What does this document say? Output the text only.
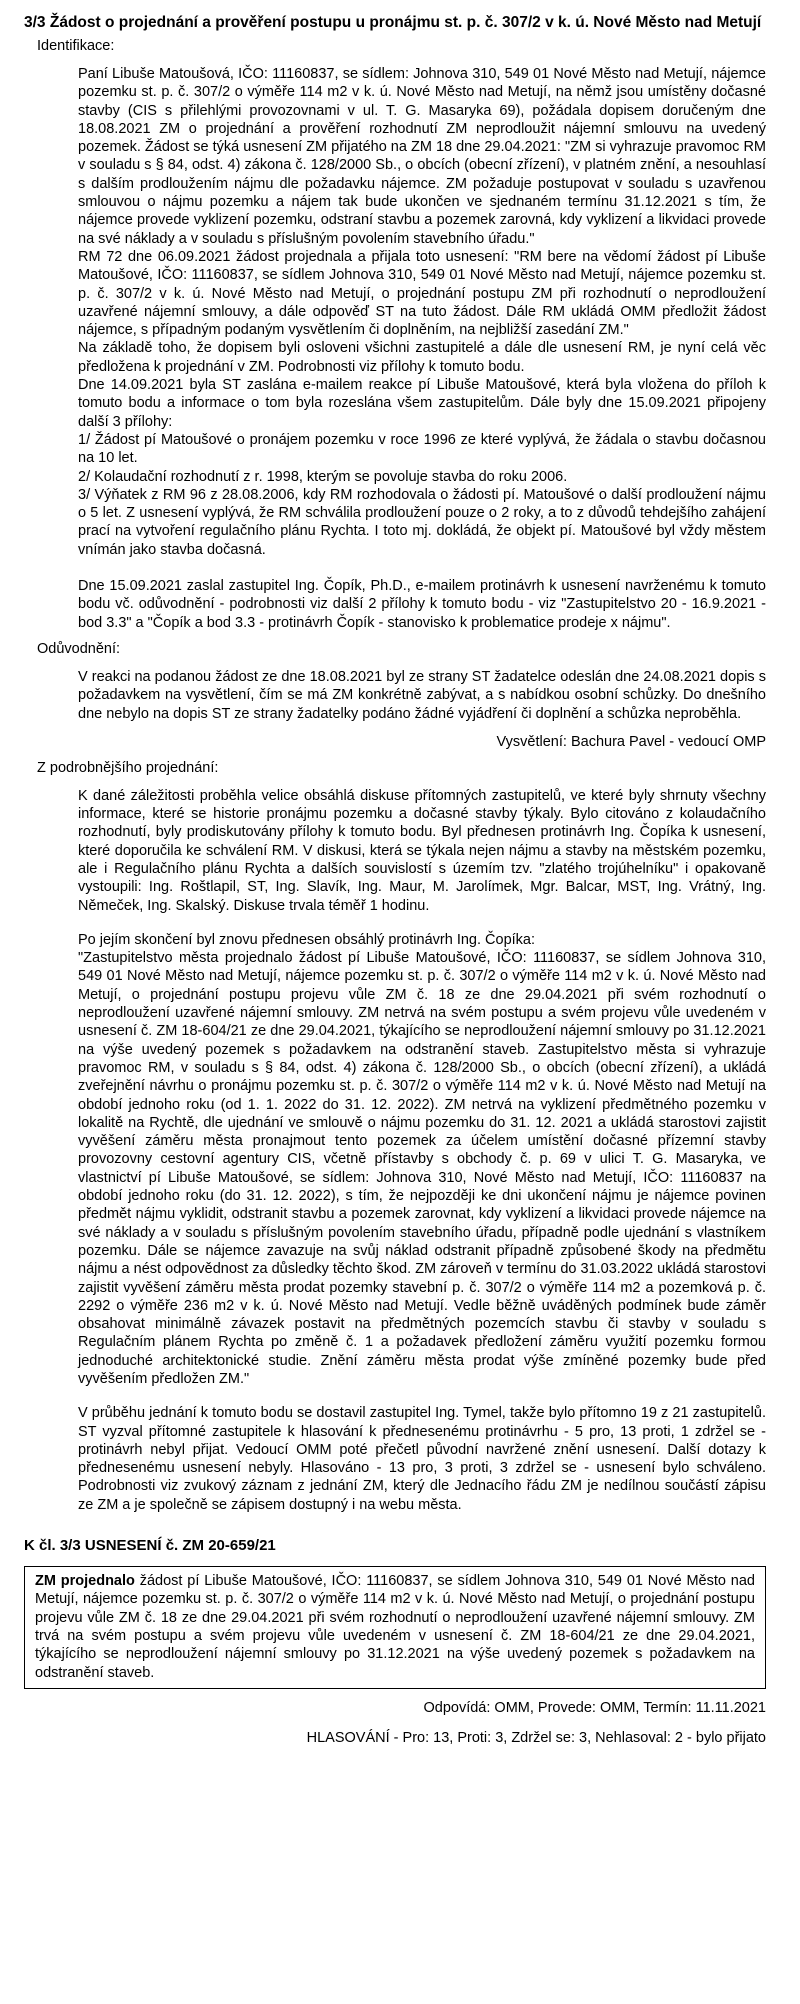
3/3 Žádost o projednání a prověření postupu u pronájmu st. p. č. 307/2 v k. ú. Nové Město nad Metují
Identifikace:

Paní Libuše Matoušová, IČO: 11160837, se sídlem: Johnova 310, 549 01 Nové Město nad Metují, nájemce pozemku st. p. č. 307/2 o výměře 114 m2 v k. ú. Nové Město nad Metují, na němž jsou umístěny dočasné stavby (CIS s přilehlými provozovnami v ul. T. G. Masaryka 69), požádala dopisem doručeným dne 18.08.2021 ZM o projednání a prověření rozhodnutí ZM neprodloužit nájemní smlouvu na uvedený pozemek. Žádost se týká usnesení ZM přijatého na ZM 18 dne 29.04.2021: "ZM si vyhrazuje pravomoc RM v souladu s § 84, odst. 4) zákona č. 128/2000 Sb., o obcích (obecní zřízení), v platném znění, a nesouhlasí s dalším prodloužením nájmu dle požadavku nájemce. ZM požaduje postupovat v souladu s uzavřenou smlouvou o nájmu pozemku a nájem tak bude ukončen ve sjednaném termínu 31.12.2021 s tím, že nájemce provede vyklizení pozemku, odstraní stavbu a pozemek zarovná, kdy vyklizení a likvidaci provede na své náklady a v souladu s příslušným povolením stavebního úřadu."

RM 72 dne 06.09.2021 žádost projednala a přijala toto usnesení: "RM bere na vědomí žádost pí Libuše Matoušové, IČO: 11160837, se sídlem Johnova 310, 549 01 Nové Město nad Metují, nájemce pozemku st. p. č. 307/2 v k. ú. Nové Město nad Metují, o projednání postupu ZM při rozhodnutí o neprodloužení uzavřené nájemní smlouvy, a dále odpověď ST na tuto žádost. Dále RM ukládá OMM předložit žádost nájemce, s případným podaným vysvětlením či doplněním, na nejbližší zasedání ZM."

Na základě toho, že dopisem byli osloveni všichni zastupitelé a dále dle usnesení RM, je nyní celá věc předložena k projednání v ZM. Podrobnosti viz přílohy k tomuto bodu.

Dne 14.09.2021 byla ST zaslána e-mailem reakce pí Libuše Matoušové, která byla vložena do příloh k tomuto bodu a informace o tom byla rozeslána všem zastupitelům. Dále byly dne 15.09.2021 připojeny další 3 přílohy:

1/ Žádost pí Matoušové o pronájem pozemku v roce 1996 ze které vyplývá, že žádala o stavbu dočasnou na 10 let.

2/ Kolaudační rozhodnutí z r. 1998, kterým se povoluje stavba do roku 2006.

3/ Výňatek z RM 96 z 28.08.2006, kdy RM rozhodovala o žádosti pí. Matoušové o další prodloužení nájmu o 5 let. Z usnesení vyplývá, že RM schválila prodloužení pouze o 2 roky, a to z důvodů tehdejšího zahájení prací na vytvoření regulačního plánu Rychta. I toto mj. dokládá, že objekt pí. Matoušové byl vždy městem vnímán jako stavba dočasná.

Dne 15.09.2021 zaslal zastupitel Ing. Čopík, Ph.D., e-mailem protinávrh k usnesení navrženému k tomuto bodu vč. odůvodnění - podrobnosti viz další 2 přílohy k tomuto bodu - viz "Zastupitelstvo 20 - 16.9.2021 - bod 3.3" a "Čopík a bod 3.3 - protinávrh Čopík - stanovisko k problematice prodeje x nájmu".

Odůvodnění:

V reakci na podanou žádost ze dne 18.08.2021 byl ze strany ST žadatelce odeslán dne 24.08.2021 dopis s požadavkem na vysvětlení, čím se má ZM konkrétně zabývat, a s nabídkou osobní schůzky. Do dnešního dne nebylo na dopis ST ze strany žadatelky podáno žádné vyjádření či doplnění a schůzka neproběhla.

Vysvětlení: Bachura Pavel - vedoucí OMP
Z podrobnějšího projednání:

K dané záležitosti proběhla velice obsáhlá diskuse přítomných zastupitelů, ve které byly shrnuty všechny informace, které se historie pronájmu pozemku a dočasné stavby týkaly. Bylo citováno z kolaudačního rozhodnutí, byly prodiskutovány přílohy k tomuto bodu. Byl přednesen protinávrh Ing. Čopíka k usnesení, které doporučila ke schválení RM. V diskusi, která se týkala nejen nájmu a stavby na městském pozemku, ale i Regulačního plánu Rychta a dalších souvislostí s územím tzv. "zlatého trojúhelníku" i opakovaně vystoupili: Ing. Roštlapil, ST, Ing. Slavík, Ing. Maur, M. Jarolímek, Mgr. Balcar, MST, Ing. Vrátný, Ing. Němeček, Ing. Skalský. Diskuse trvala téměř 1 hodinu.

Po jejím skončení byl znovu přednesen obsáhlý protinávrh Ing. Čopíka:

"Zastupitelstvo města projednalo žádost pí Libuše Matoušové, IČO: 11160837, se sídlem Johnova 310, 549 01 Nové Město nad Metují, nájemce pozemku st. p. č. 307/2 o výměře 114 m2 v k. ú. Nové Město nad Metují, o projednání postupu projevu vůle ZM č. 18 ze dne 29.04.2021 při svém rozhodnutí o neprodloužení uzavřené nájemní smlouvy. ZM netrvá na svém postupu a svém projevu vůle uvedeném v usnesení č. ZM 18-604/21 ze dne 29.04.2021, týkajícího se neprodloužení nájemní smlouvy po 31.12.2021 na výše uvedený pozemek s požadavkem na odstranění staveb. Zastupitelstvo města si vyhrazuje pravomoc RM, v souladu s § 84, odst. 4) zákona č. 128/2000 Sb., o obcích (obecní zřízení), a ukládá zveřejnění návrhu o pronájmu pozemku st. p. č. 307/2 o výměře 114 m2 v k. ú. Nové Město nad Metují na období jednoho roku (od 1. 1. 2022 do 31. 12. 2022). ZM netrvá na vyklizení předmětného pozemku v lokalitě na Rychtě, dle ujednání ve smlouvě o nájmu pozemku do 31. 12. 2021 a ukládá starostovi zajistit vyvěšení záměru města pronajmout tento pozemek za účelem umístění dočasné přízemní stavby provozovny cestovní agentury CIS, včetně přístavby s obchody č. p. 69 v ulici T. G. Masaryka, ve vlastnictví pí Libuše Matoušové, se sídlem: Johnova 310, Nové Město nad Metují, IČO: 11160837 na období jednoho roku (do 31. 12. 2022), s tím, že nejpozději ke dni ukončení nájmu je nájemce povinen předmět nájmu vyklidit, odstranit stavbu a pozemek zarovnat, kdy vyklizení a likvidaci provede nájemce na své náklady a v souladu s příslušným povolením stavebního úřadu, případně podle ujednání s vlastníkem pozemku. Dále se nájemce zavazuje na svůj náklad odstranit případně způsobené škody na předmětu nájmu a nést odpovědnost za důsledky těchto škod. ZM zároveň v termínu do 31.03.2022 ukládá starostovi zajistit vyvěšení záměru města prodat pozemky stavební p. č. 307/2 o výměře 114 m2 a pozemková p. č. 2292 o výměře 236 m2 v k. ú. Nové Město nad Metují. Vedle běžně uváděných podmínek bude záměr obsahovat minimálně závazek postavit na předmětných pozemcích stavbu či stavby v souladu s Regulačním plánem Rychta po změně č. 1 a požadavek předložení záměru využití pozemku formou jednoduché architektonické studie. Znění záměru města prodat výše zmíněné pozemky bude před vyvěšením předložen ZM."

V průběhu jednání k tomuto bodu se dostavil zastupitel Ing. Tymel, takže bylo přítomno 19 z 21 zastupitelů. ST vyzval přítomné zastupitele k hlasování k přednesenému protinávrhu - 5 pro, 13 proti, 1 zdržel se - protinávrh nebyl přijat. Vedoucí OMM poté přečetl původní navržené znění usnesení. Další dotazy k přednesenému usnesení nebyly. Hlasováno - 13 pro, 3 proti, 3 zdržel se - usnesení bylo schváleno. Podrobnosti viz zvukový záznam z jednání ZM, který dle Jednacího řádu ZM je nedílnou součástí zápisu ze ZM a je společně se zápisem dostupný i na webu města.

K čl. 3/3 USNESENÍ č. ZM 20-659/21
ZM projednalo žádost pí Libuše Matoušové, IČO: 11160837, se sídlem Johnova 310, 549 01 Nové Město nad Metují, nájemce pozemku st. p. č. 307/2 o výměře 114 m2 v k. ú. Nové Město nad Metují, o projednání postupu projevu vůle ZM č. 18 ze dne 29.04.2021 při svém rozhodnutí o neprodloužení uzavřené nájemní smlouvy. ZM trvá na svém postupu a svém projevu vůle uvedeném v usnesení č. ZM 18-604/21 ze dne 29.04.2021, týkajícího se neprodloužení nájemní smlouvy po 31.12.2021 na výše uvedený pozemek s požadavkem na odstranění staveb.
Odpovídá: OMM, Provede: OMM, Termín: 11.11.2021
HLASOVÁNÍ - Pro: 13, Proti: 3, Zdržel se: 3, Nehlasoval: 2 - bylo přijato
